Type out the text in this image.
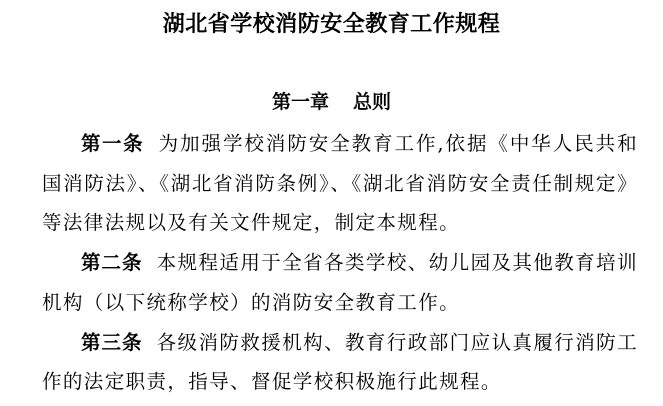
湖北省学校消防安全教育工作规程
第一章 总则

第一条 为加强学校消防安全教育工作,依据《中华人民共和国消防法》、《湖北省消防条例》、《湖北省消防安全责任制规定》等法律法规以及有关文件规定，制定本规程。

第二条 本规程适用于全省各类学校、幼儿园及其他教育培训机构（以下统称学校）的消防安全教育工作。

第三条 各级消防救援机构、教育行政部门应认真履行消防工作的法定职责，指导、督促学校积极施行此规程。
